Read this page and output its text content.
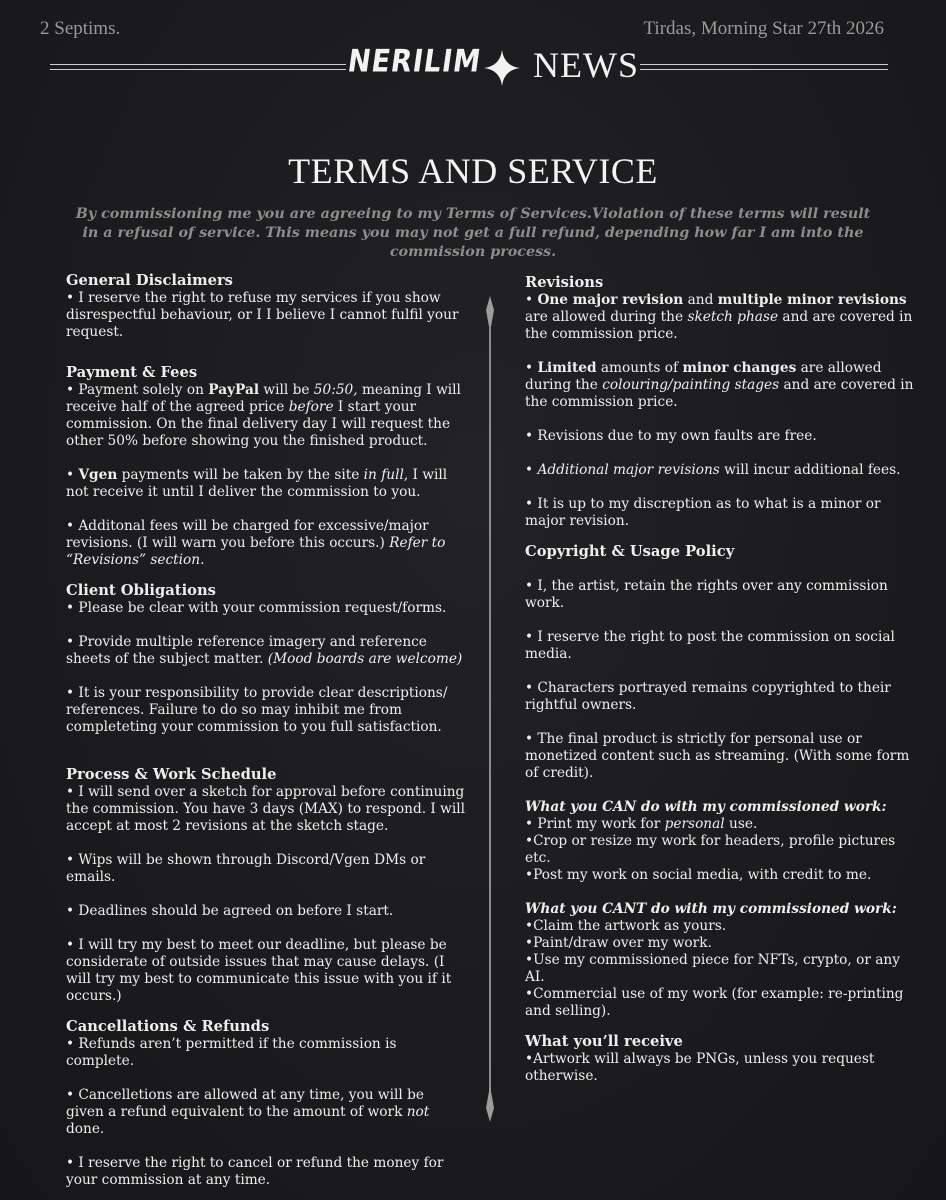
2 Septims.	Tirdas, Morning Star 27th 2026
NERILIM NEWS
TERMS AND SERVICE
By commissioning me you are agreeing to my Terms of Services.Violation of these terms will result in a refusal of service. This means you may not get a full refund, depending how far I am into the commission process.
General Disclaimers

• I reserve the right to refuse my services if you show disrespectful behaviour, or I I believe I cannot fulfil your request.

Payment & Fees

• Payment solely on PayPal will be 50:50, meaning I will receive half of the agreed price before I start your commission. On the final delivery day I will request the other 50% before showing you the finished product.

• Vgen payments will be taken by the site in full, I will not receive it until I deliver the commission to you.

• Additonal fees will be charged for excessive/major revisions. (I will warn you before this occurs.) Refer to “Revisions” section.

Client Obligations

• Please be clear with your commission request/forms.

• Provide multiple reference imagery and reference sheets of the subject matter. (Mood boards are welcome)

• It is your responsibility to provide clear descriptions/ references. Failure to do so may inhibit me from completeting your commission to you full satisfaction.

Process & Work Schedule

• I will send over a sketch for approval before continuing the commission. You have 3 days (MAX) to respond. I will accept at most 2 revisions at the sketch stage.

• Wips will be shown through Discord/Vgen DMs or emails.

• Deadlines should be agreed on before I start.

• I will try my best to meet our deadline, but please be considerate of outside issues that may cause delays. (I will try my best to communicate this issue with you if it occurs.)

Cancellations & Refunds

• Refunds aren’t permitted if the commission is complete.

• Cancelletions are allowed at any time, you will be given a refund equivalent to the amount of work not done.

• I reserve the right to cancel or refund the money for your commission at any time.

Revisions

• One major revision and multiple minor revisions are allowed during the sketch phase and are covered in the commission price.

• Limited amounts of minor changes are allowed during the colouring/painting stages and are covered in the commission price.

• Revisions due to my own faults are free.

• Additional major revisions will incur additional fees.

• It is up to my discreption as to what is a minor or major revision.

Copyright & Usage Policy

• I, the artist, retain the rights over any commission work.

• I reserve the right to post the commission on social media.

• Characters portrayed remains copyrighted to their rightful owners.

• The final product is strictly for personal use or monetized content such as streaming. (With some form of credit).

What you CAN do with my commissioned work:

• Print my work for personal use.

•Crop or resize my work for headers, profile pictures etc.

•Post my work on social media, with credit to me.

What you CANT do with my commissioned work:

•Claim the artwork as yours.

•Paint/draw over my work.

•Use my commissioned piece for NFTs, crypto, or any AI.

•Commercial use of my work (for example: re-printing and selling).

What you’ll receive

•Artwork will always be PNGs, unless you request otherwise.
